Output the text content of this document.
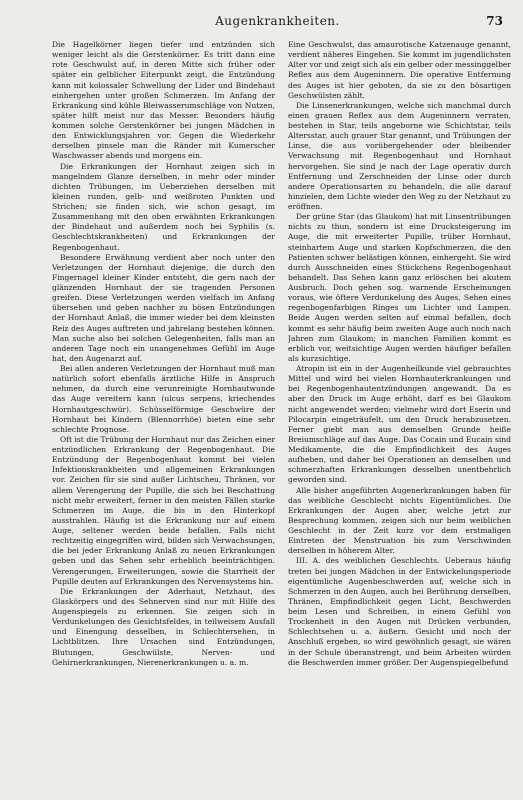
Augenkrankheiten.	73

Die Hagelkörner liegen tiefer und entzünden sich weniger leicht als die Gerstenkörner. Es tritt dann eine rote Geschwulst auf, in deren Mitte sich früher oder später ein gelblicher Eiterpunkt zeigt, die Entzündung kann mit kolossaler Schwellung der Lider und Bindehaut einhergehen unter großen Schmerzen. Im Anfang der Erkrankung sind kühle Bleiwasserumschläge von Nutzen, später hilft meist nur das Messer. Besonders häufig kommen solche Gerstenkörner bei jungen Mädchen in den Entwicklungsjahren vor. Gegen die Wiederkehr derselben pinsele man die Ränder mit Kumerscher Waschwasser abends und morgens ein.

Die Erkrankungen der Hornhaut zeigen sich in mangelndem Glanze derselben, in mehr oder minder dichten Trübungen, im Ueberziehen derselben mit kleinen runden, gelb- und weißroten Punkten und Strichen; sie finden sich, wie schon gesagt, im Zusammenhang mit den oben erwähnten Erkrankungen der Bindehaut und außerdem noch bei Syphilis (s. Geschlechtskrankheiten) und Erkrankungen der Regenbogenhaut.

Besondere Erwähnung verdient aber noch unter den Verletzungen der Hornhaut diejenige, die durch den Fingernagel kleiner Kinder entsteht, die gern nach der glänzenden Hornhaut der sie tragenden Personen greifen. Diese Verletzungen werden vielfach im Anfang übersehen und geben nachher zu bösen Entzündungen der Hornhaut Anlaß, die immer wieder bei dem kleinsten Reiz des Auges auftreten und jahrelang bestehen können. Man suche also bei solchen Gelegenheiten, falls man an anderen Tage noch ein unangenehmes Gefühl im Auge hat, den Augenarzt auf.

Bei allen anderen Verletzungen der Hornhaut muß man natürlich sofort ebenfalls ärztliche Hilfe in Anspruch nehmen, da durch eine verunreinigte Hornhautwunde das Auge vereitern kann (ulcus serpens, kriechendes Hornhautgeschwür). Schüsselförmige Geschwüre der Hornhaut bei Kindern (Blennorrhöe) bieten eine sehr schlechte Prognose.

Oft ist die Trübung der Hornhaut nur das Zeichen einer entzündlichen Erkrankung der Regenbogenhaut. Die Entzündung der Regenbogenhaut kommt bei vielen Infektionskrankheiten und allgemeinen Erkrankungen vor. Zeichen für sie sind außer Lichtscheu, Thränen, vor allem Verengerung der Pupille, die sich bei Beschattung nicht mehr erweitert, ferner in den meisten Fällen starke Schmerzen im Auge, die bis in den Hinterkopf ausstrahlen. Häufig ist die Erkrankung nur auf einem Auge, seltener werden beide befallen. Falls nicht rechtzeitig eingegriffen wird, bilden sich Verwachsungen, die bei jeder Erkrankung Anlaß zu neuen Erkrankungen geben und das Sehen sehr erheblich beeinträchtigen. Verengerungen, Erweiterungen, sowie die Starrheit der Pupille deuten auf Erkrankungen des Nervensystems hin.

Die Erkrankungen der Aderhaut, Netzhaut, des Glaskörpers und des Sehnerven sind nur mit Hilfe des Augenspiegels zu erkennen. Sie zeigen sich in Verdunkelungen des Gesichtsfeldes, in teilweisem Ausfall und Einengung desselben, in Schlechtersehen, in Lichtblitzen. Ihre Ursachen sind Entzündungen, Blutungen, Geschwülste, Nerven- und Gehirnerkrankungen, Nierenerkrankungen u. a. m.

Eine Geschwulst, das amaurotische Katzenauge genannt, verdient näheres Eingehen. Sie kommt im jugendlichsten Alter vor und zeigt sich als ein gelber oder messinggelber Reflex aus dem Augeninnern. Die operative Entfernung des Auges ist hier geboten, da sie zu den bösartigen Geschwülsten zählt.

Die Linsenerkrankungen, welche sich manchmal durch einen grauen Reflex aus dem Augeninnern verraten, bestehen in Star, teils angeborne wie Schichtstar, teils Altersstar, auch grauer Star genannt, und Trübungen der Linse, die aus vorübergehender oder bleibender Verwachsung mit Regenbogenhaut und Hornhaut hervorgehen. Sie sind je nach der Lage operativ durch Entfernung und Zerschneiden der Linse oder durch andere Operationsarten zu behandeln, die alle darauf hinzielen, dem Lichte wieder den Weg zu der Netzhaut zu eröffnen.

Der grüne Star (das Glaukom) hat mit Linsentrübungen nichts zu thun, sondern ist eine Drucksteigerung im Auge, die mit erweiterter Pupille, trüber Hornhaut, steinhartem Auge und starken Kopfschmerzen, die den Patienten schwer belästigen können, einhergeht. Sie wird durch Ausschneiden eines Stückchens Regenbogenhaut behandelt. Das Sehen kann ganz erlöschen bei akutem Ausbruch. Doch gehen sog. warnende Erscheinungen voraus, wie öftere Verdunkelung des Auges, Sehen eines regenbogenfarbigen Ringes um Lichter und Lampen. Beide Augen werden selten auf einmal befallen, doch kommt es sehr häufig beim zweiten Auge auch noch nach Jahren zum Glaukom; in manchen Familien kommt es erblich vor, weitsichtige Augen werden häufiger befallen als kurzsichtige.

Atropin ist ein in der Augenheilkunde viel gebrauchtes Mittel und wird bei vielen Hornhauterkrankungen und bei Regenbogenhautentzündungen angewandt. Da es aber den Druck im Auge erhöht, darf es bei Glaukom nicht angewendet werden; vielmehr wird dort Eserin und Pilocarpin eingeträufelt, um den Druck herabzusetzen. Ferner giebt man aus demselben Grunde heiße Breiumschläge auf das Auge. Das Cocain und Eucain sind Medikamente, die die Empfindlichkeit des Auges aufheben, und daher bei Operationen an demselben und schmerzhaften Erkrankungen desselben unentbehrlich geworden sind.

Alle bisher angeführten Augenerkrankungen haben für das weibliche Geschlecht nichts Eigentümliches. Die Erkrankungen der Augen aber, welche jetzt zur Besprechung kommen, zeigen sich nur beim weiblichen Geschlecht in der Zeit kurz vor dem erstmaligen Eintreten der Menstruation bis zum Verschwinden derselben in höherem Alter.

III. A. des weiblichen Geschlechts. Ueberaus häufig treten bei jungen Mädchen in der Entwickelungsperiode eigentümliche Augenbeschwerden auf, welche sich in Schmerzen in den Augen, auch bei Berührung derselben, Thränen, Empfindlichkeit gegen Licht, Beschwerden beim Lesen und Schreiben, in einem Gefühl von Trockenheit in den Augen mit Drücken verbunden, Schlechtsehen u. a. äußern. Gesicht und noch der Anschluß ergeben, so wird gewöhnlich gesagt, sie wären in der Schule überanstrengt, und beim Arbeiten würden die Beschwerden immer größer. Der Augenspiegelbefund
